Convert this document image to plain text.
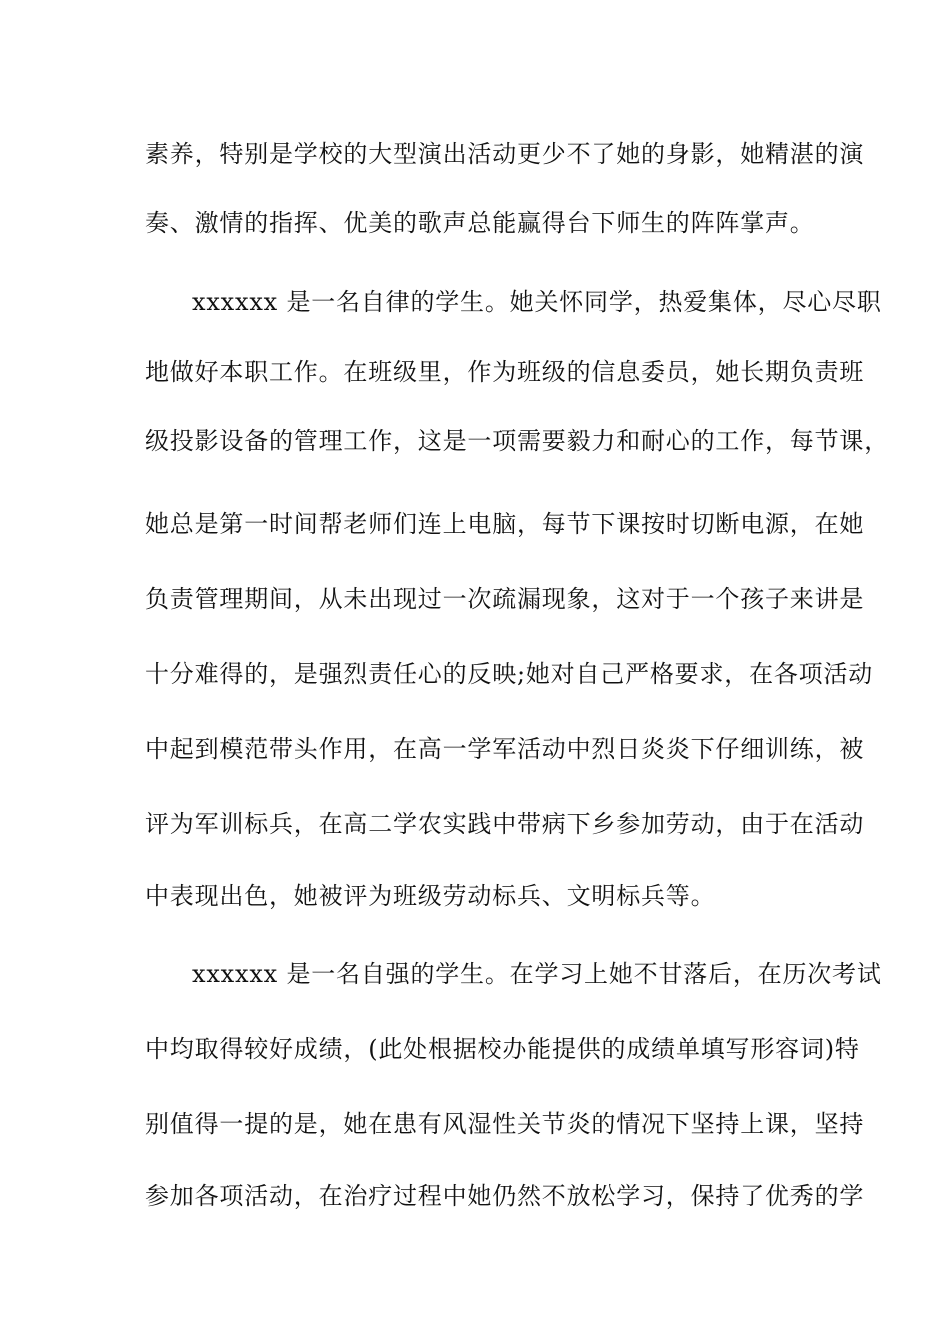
素养，特别是学校的大型演出活动更少不了她的身影，她精湛的演
奏、激情的指挥、优美的歌声总能赢得台下师生的阵阵掌声。
xxxxxx 是一名自律的学生。她关怀同学，热爱集体，尽心尽职
地做好本职工作。在班级里，作为班级的信息委员，她长期负责班
级投影设备的管理工作，这是一项需要毅力和耐心的工作，每节课，
她总是第一时间帮老师们连上电脑，每节下课按时切断电源，在她
负责管理期间，从未出现过一次疏漏现象，这对于一个孩子来讲是
十分难得的，是强烈责任心的反映;她对自己严格要求，在各项活动
中起到模范带头作用，在高一学军活动中烈日炎炎下仔细训练，被
评为军训标兵，在高二学农实践中带病下乡参加劳动，由于在活动
中表现出色，她被评为班级劳动标兵、文明标兵等。
xxxxxx 是一名自强的学生。在学习上她不甘落后，在历次考试
中均取得较好成绩，(此处根据校办能提供的成绩单填写形容词)特
别值得一提的是，她在患有风湿性关节炎的情况下坚持上课，坚持
参加各项活动，在治疗过程中她仍然不放松学习，保持了优秀的学
